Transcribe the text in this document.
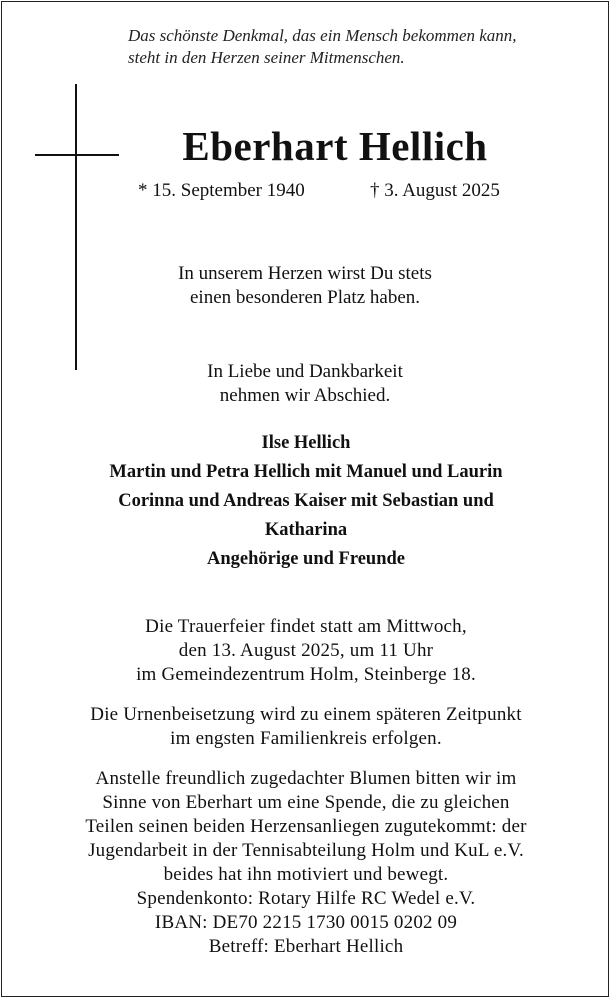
Das schönste Denkmal, das ein Mensch bekommen kann,
steht in den Herzen seiner Mitmenschen.
Eberhart Hellich
* 15. September 1940	† 3. August 2025
In unserem Herzen wirst Du stets
einen besonderen Platz haben.
In Liebe und Dankbarkeit
nehmen wir Abschied.
Ilse Hellich
Martin und Petra Hellich mit Manuel und Laurin
Corinna und Andreas Kaiser mit Sebastian und
Katharina
Angehörige und Freunde
Die Trauerfeier findet statt am Mittwoch,
den 13. August 2025, um 11 Uhr
im Gemeindezentrum Holm, Steinberge 18.
Die Urnenbeisetzung wird zu einem späteren Zeitpunkt
im engsten Familienkreis erfolgen.
Anstelle freundlich zugedachter Blumen bitten wir im
Sinne von Eberhart um eine Spende, die zu gleichen
Teilen seinen beiden Herzensanliegen zugutekommt: der
Jugendarbeit in der Tennisabteilung Holm und KuL e.V.
beides hat ihn motiviert und bewegt.
Spendenkonto: Rotary Hilfe RC Wedel e.V.
IBAN: DE70 2215 1730 0015 0202 09
Betreff: Eberhart Hellich
